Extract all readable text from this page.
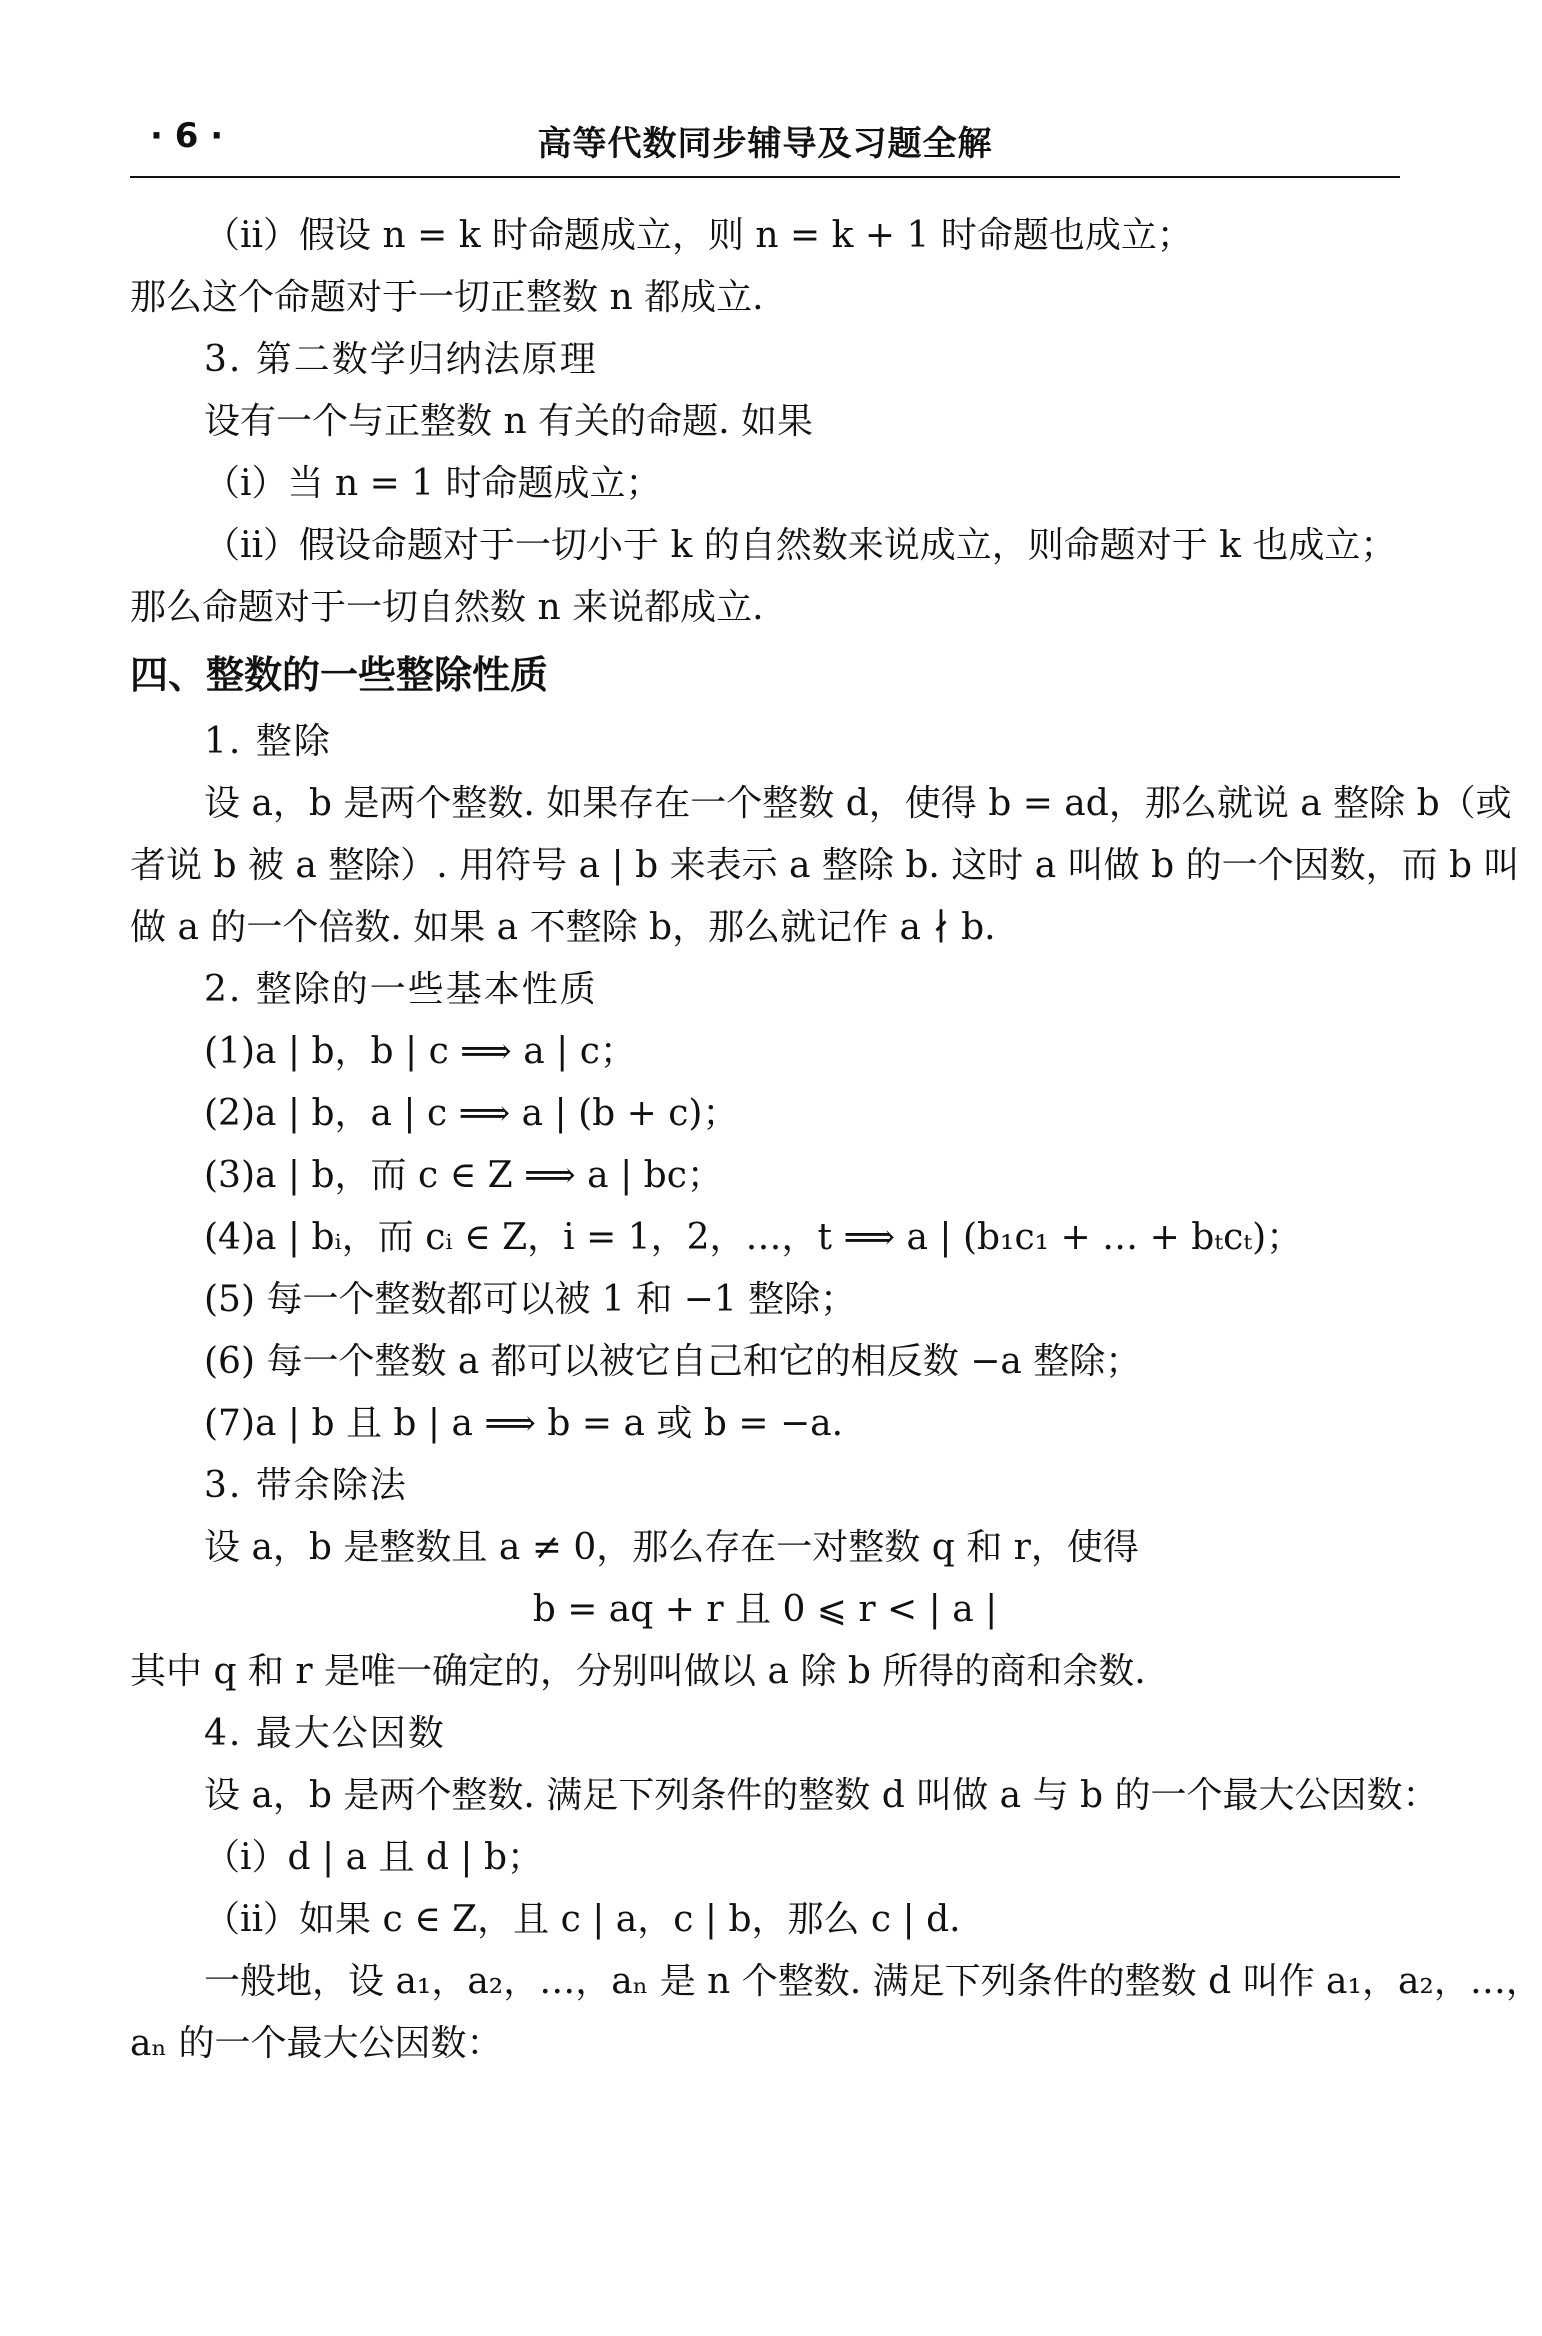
· 6 ·	高等代数同步辅导及习题全解
（ⅱ）假设 n = k 时命题成立，则 n = k + 1 时命题也成立；
那么这个命题对于一切正整数 n 都成立.
3. 第二数学归纳法原理
设有一个与正整数 n 有关的命题. 如果
（ⅰ）当 n = 1 时命题成立；
（ⅱ）假设命题对于一切小于 k 的自然数来说成立，则命题对于 k 也成立；
那么命题对于一切自然数 n 来说都成立.
四、整数的一些整除性质
1. 整除
设 a，b 是两个整数. 如果存在一个整数 d，使得 b = ad，那么就说 a 整除 b（或
者说 b 被 a 整除）. 用符号 a | b 来表示 a 整除 b. 这时 a 叫做 b 的一个因数，而 b 叫
做 a 的一个倍数. 如果 a 不整除 b，那么就记作 a ∤ b.
2. 整除的一些基本性质
(1)a | b，b | c ⟹ a | c；
(2)a | b，a | c ⟹ a | (b + c)；
(3)a | b，而 c ∈ Z ⟹ a | bc；
(4)a | bᵢ，而 cᵢ ∈ Z，i = 1，2，…，t ⟹ a | (b₁c₁ + … + bₜcₜ)；
(5) 每一个整数都可以被 1 和 −1 整除；
(6) 每一个整数 a 都可以被它自己和它的相反数 −a 整除；
(7)a | b 且 b | a ⟹ b = a 或 b = −a.
3. 带余除法
设 a，b 是整数且 a ≠ 0，那么存在一对整数 q 和 r，使得
b = aq + r 且 0 ⩽ r < | a |
其中 q 和 r 是唯一确定的，分别叫做以 a 除 b 所得的商和余数.
4. 最大公因数
设 a，b 是两个整数. 满足下列条件的整数 d 叫做 a 与 b 的一个最大公因数：
（ⅰ）d | a 且 d | b；
（ⅱ）如果 c ∈ Z，且 c | a，c | b，那么 c | d.
一般地，设 a₁，a₂，…，aₙ 是 n 个整数. 满足下列条件的整数 d 叫作 a₁，a₂，…，
aₙ 的一个最大公因数：
